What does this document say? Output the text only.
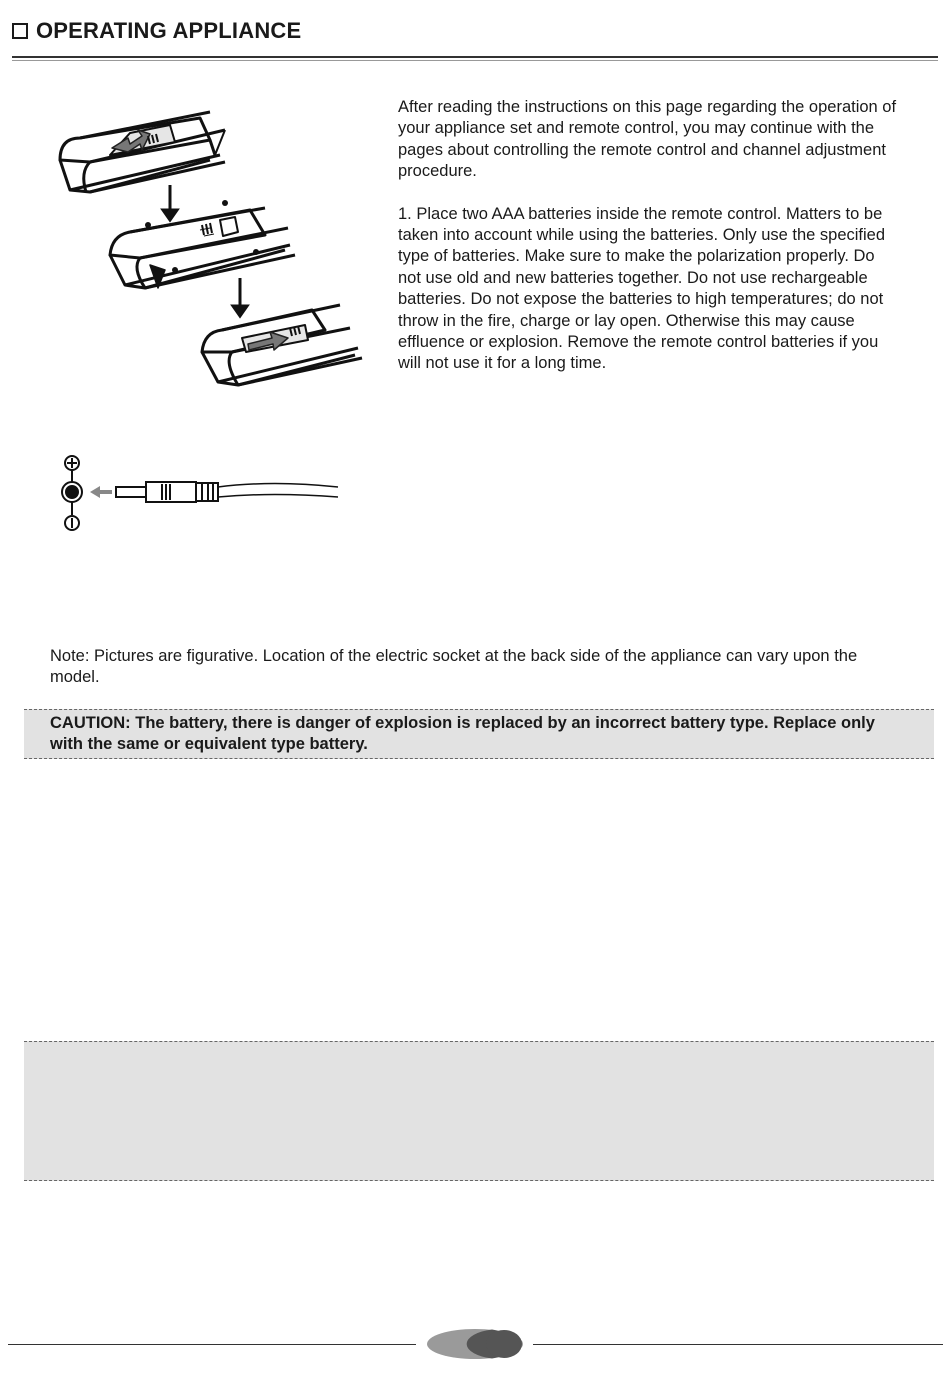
OPERATING APPLIANCE

After reading the instructions on this page regarding the operation of your appliance set and remote control, you may continue with the pages about controlling the remote control and channel adjustment procedure.

1. Place two AAA batteries inside the remote control. Matters to be taken into account while using the batteries. Only use the specified type of batteries. Make sure to make the polarization properly. Do not use old and new batteries together. Do not use rechargeable batteries. Do not expose the batteries to high temperatures; do not throw in the fire, charge or lay open. Otherwise this may cause effluence or explosion. Remove the remote control batteries if you will not use it for a long time.

Note: Pictures are figurative. Location of the electric socket at the back side of the appliance can vary upon the model.
CAUTION: The battery, there is danger of explosion is replaced by an incorrect battery type. Replace only with the same or equivalent type battery.
